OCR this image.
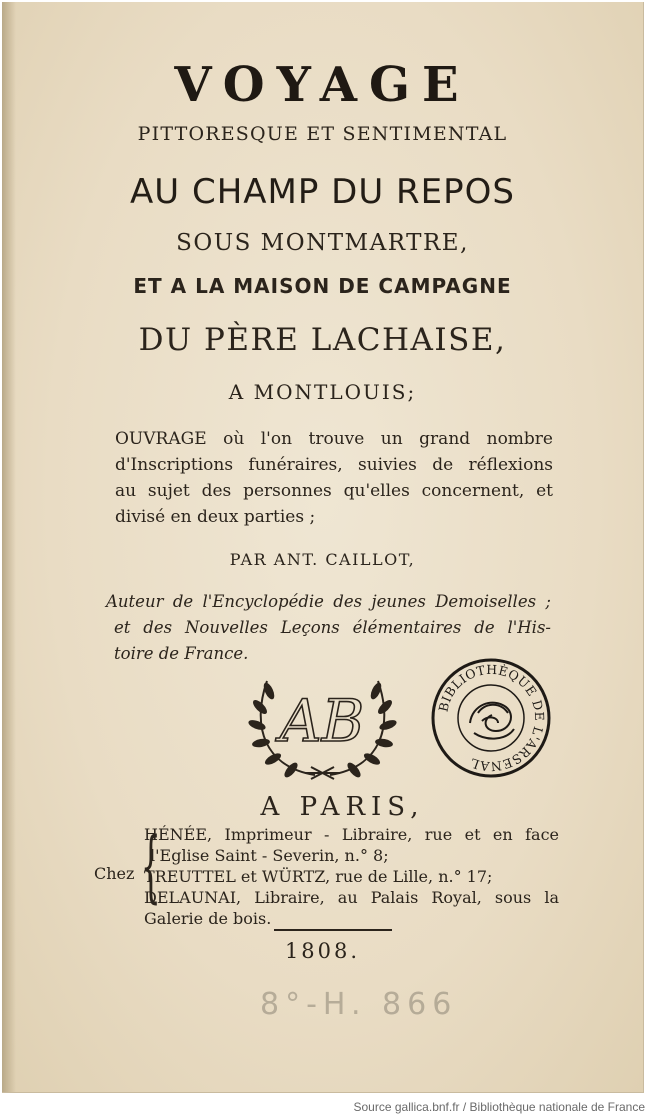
VOYAGE
PITTORESQUE ET SENTIMENTAL
AU CHAMP DU REPOS
SOUS MONTMARTRE,
ET A LA MAISON DE CAMPAGNE
DU PÈRE LACHAISE,
A MONTLOUIS;
OUVRAGE où l'on trouve un grand nombre
d'Inscriptions funéraires, suivies de réflexions
au sujet des personnes qu'elles concernent, et
divisé en deux parties ;
PAR ANT. CAILLOT,
Auteur de l'Encyclopédie des jeunes Demoiselles ;
et des Nouvelles Leçons élémentaires de l'His-
toire de France.
AB	BIBLIOTHÈQUE DE L'ARSENAL
A PARIS,
Chez {
HÉNÉE, Imprimeur - Libraire, rue et en face
l'Eglise Saint - Severin, n.° 8;
TREUTTEL et WÜRTZ, rue de Lille, n.° 17;
DELAUNAI, Libraire, au Palais Royal, sous la
Galerie de bois.
1808.
8°-H. 866
Source gallica.bnf.fr / Bibliothèque nationale de France
